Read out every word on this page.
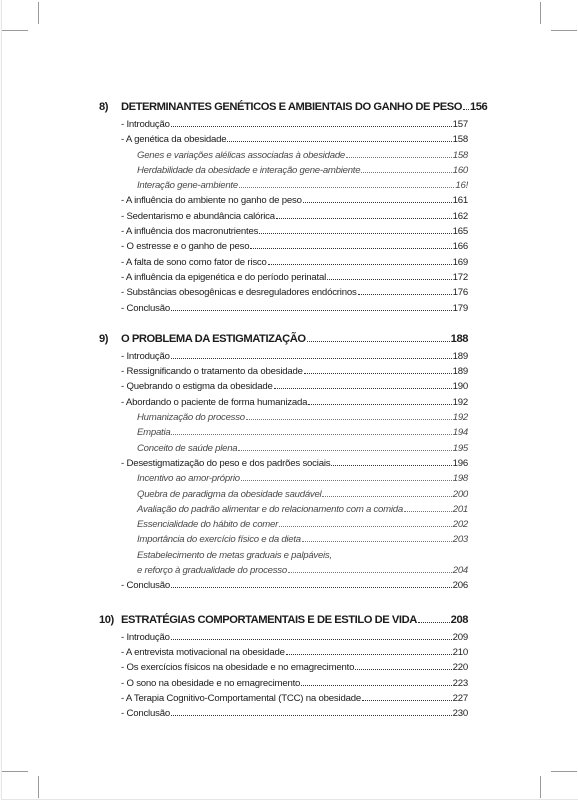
8)	DETERMINANTES GENÉTICOS E AMBIENTAIS DO GANHO DE PESO 156
- Introdução	157
- A genética da obesidade	158
Genes e variações alélicas associadas à obesidade	158
Herdabilidade da obesidade e interação gene-ambiente	160
Interação gene-ambiente	16!
- A influência do ambiente no ganho de peso	161
- Sedentarismo e abundância calórica	162
- A influência dos macronutrientes	165
- O estresse e o ganho de peso	166
- A falta de sono como fator de risco	169
- A influência da epigenética e do período perinatal	172
- Substâncias obesogênicas e desreguladores endócrinos	176
- Conclusão	179
9)	O PROBLEMA DA ESTIGMATIZAÇÃO	188
- Introdução	189
- Ressignificando o tratamento da obesidade	189
- Quebrando o estigma da obesidade	190
- Abordando o paciente de forma humanizada	192
Humanização do processo	192
Empatia	194
Conceito de saúde plena	195
- Desestigmatização do peso e dos padrões sociais	196
Incentivo ao amor-próprio	198
Quebra de paradigma da obesidade saudável	200
Avaliação do padrão alimentar e do relacionamento com a comida	201
Essencialidade do hábito de comer	202
Importância do exercício físico e da dieta	203
Estabelecimento de metas graduais e palpáveis,
e reforço à gradualidade do processo	204
- Conclusão	206
10) ESTRATÉGIAS COMPORTAMENTAIS E DE ESTILO DE VIDA	208
- Introdução	209
- A entrevista motivacional na obesidade	210
- Os exercícios físicos na obesidade e no emagrecimento	220
- O sono na obesidade e no emagrecimento	223
- A Terapia Cognitivo-Comportamental (TCC) na obesidade	227
- Conclusão	230
